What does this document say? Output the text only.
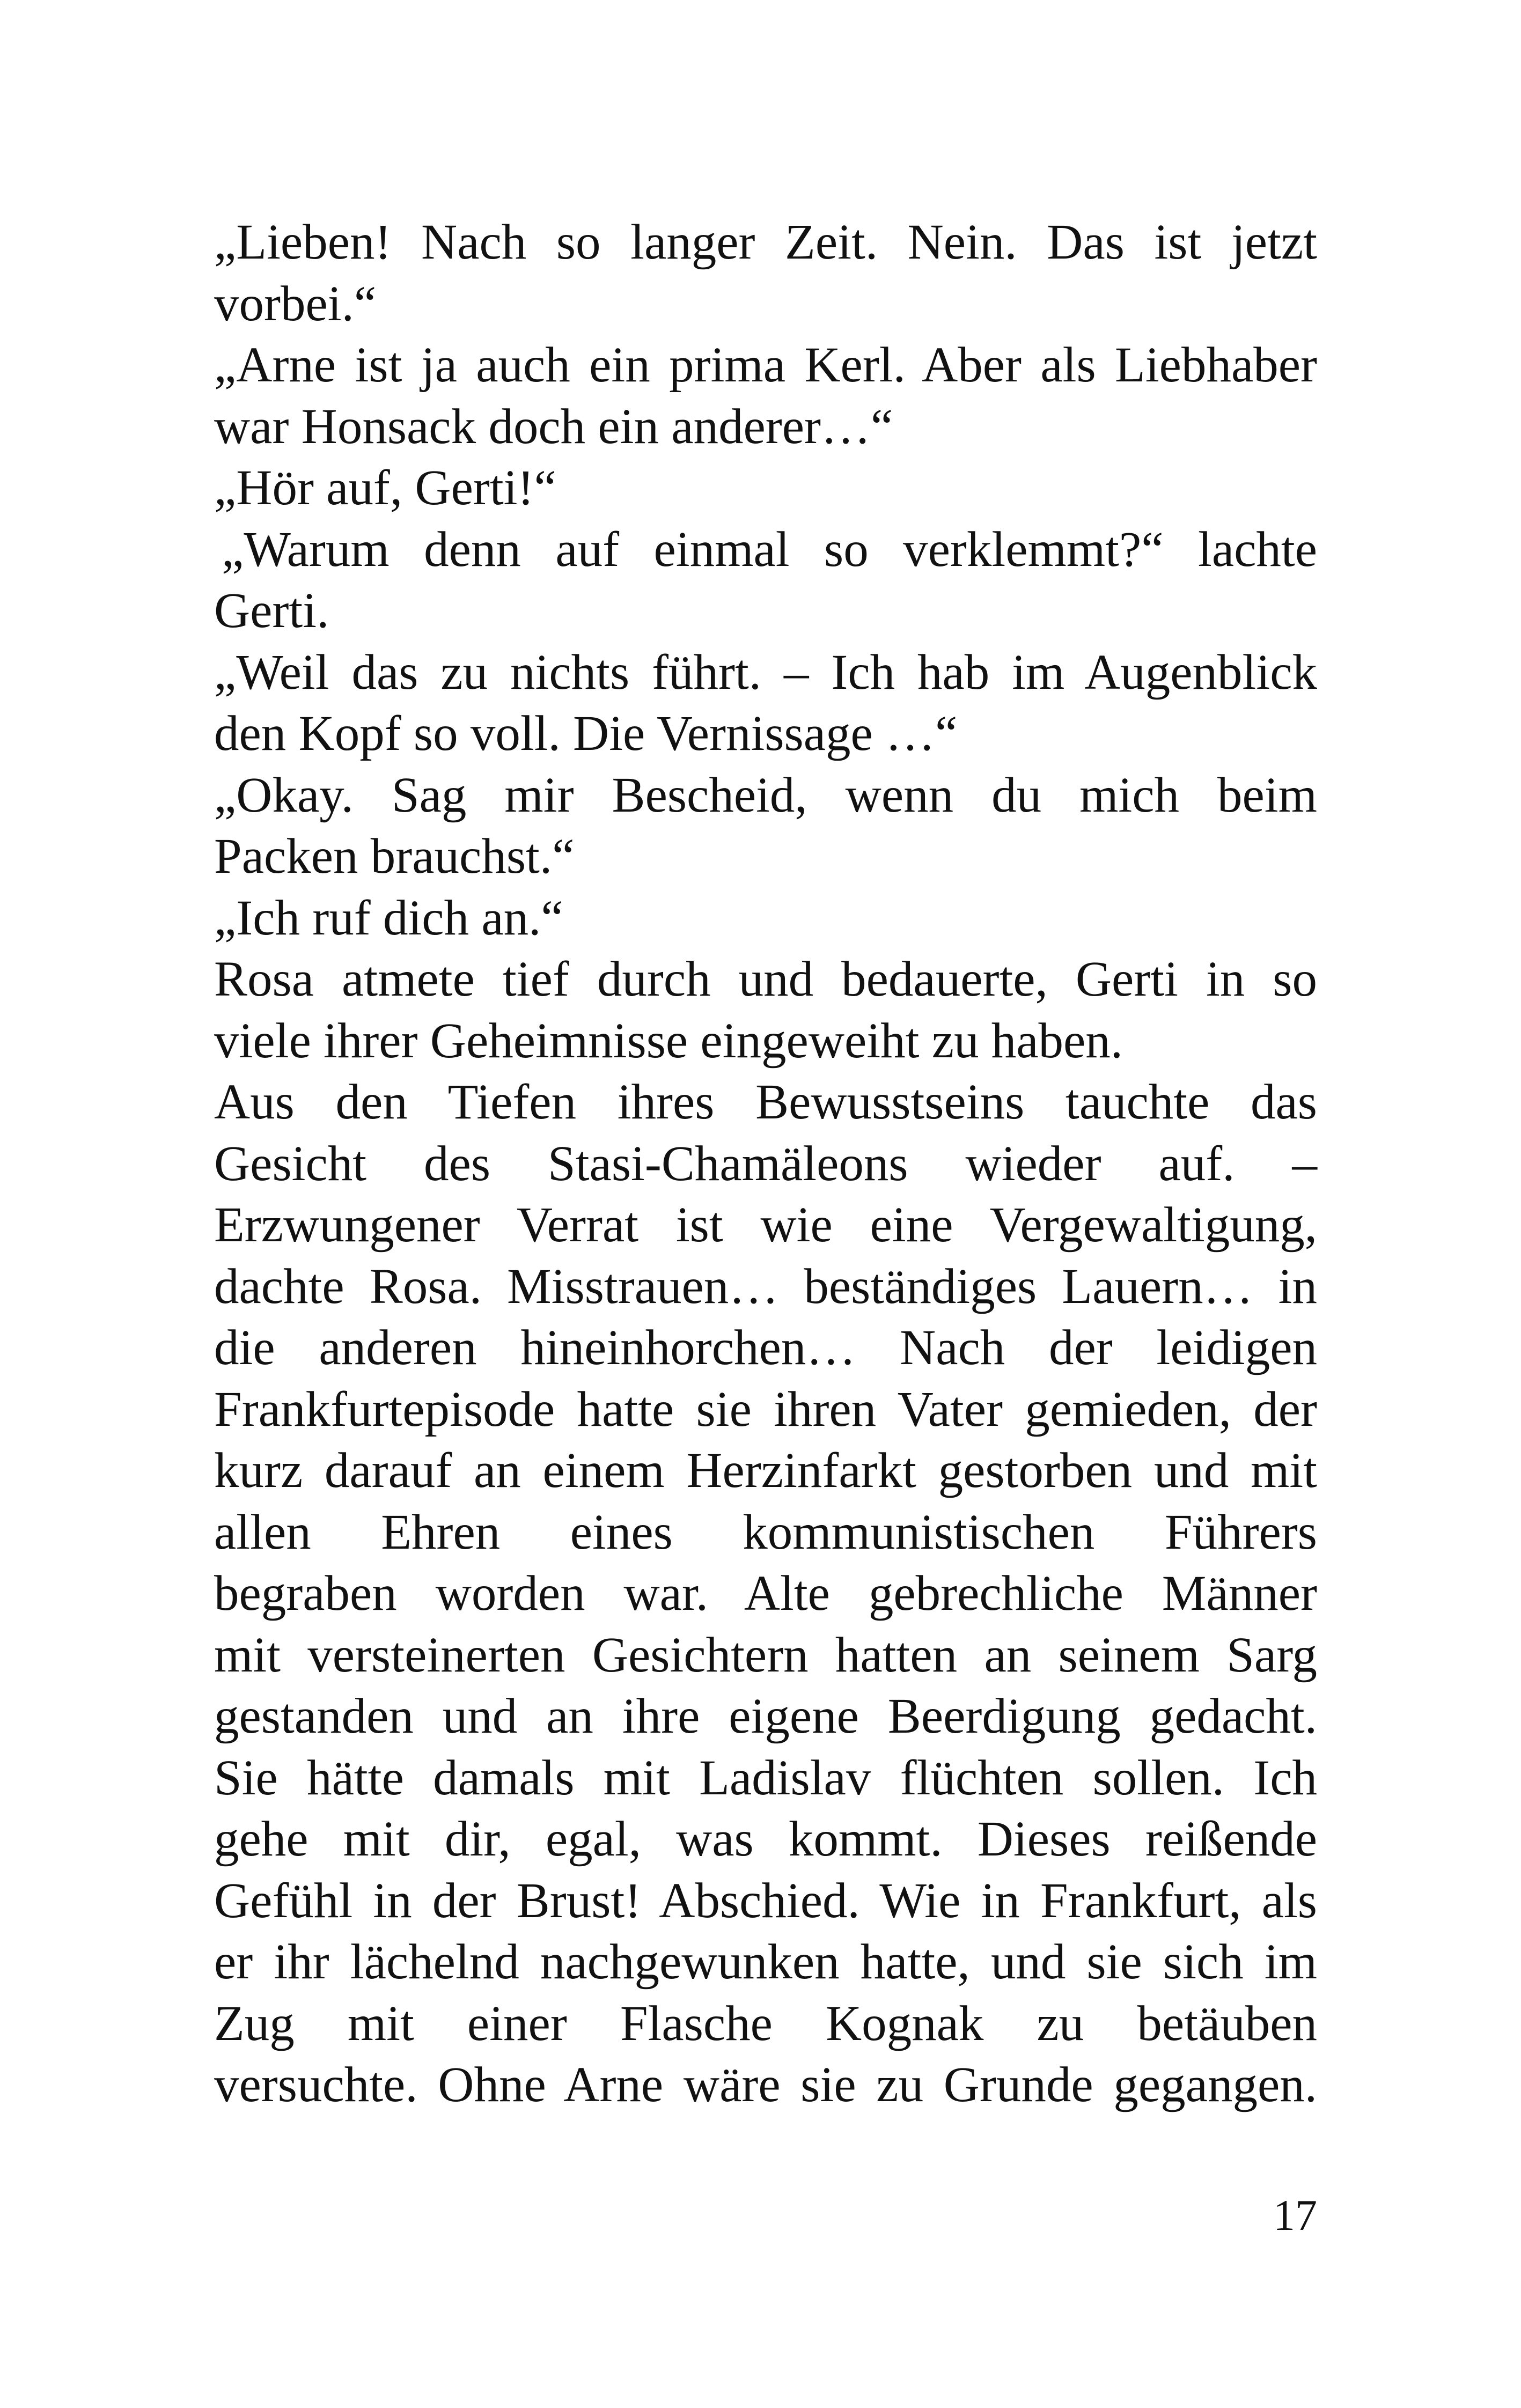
„Lieben! Nach so langer Zeit. Nein. Das ist jetzt
vorbei.“
„Arne ist ja auch ein prima Kerl. Aber als Liebhaber
war Honsack doch ein anderer…“
„Hör auf, Gerti!“
„Warum denn auf einmal so verklemmt?“ lachte
Gerti.
„Weil das zu nichts führt. – Ich hab im Augenblick
den Kopf so voll. Die Vernissage …“
„Okay. Sag mir Bescheid, wenn du mich beim
Packen brauchst.“
„Ich ruf dich an.“
Rosa atmete tief durch und bedauerte, Gerti in so
viele ihrer Geheimnisse eingeweiht zu haben.
Aus den Tiefen ihres Bewusstseins tauchte das
Gesicht des Stasi-Chamäleons wieder auf. –
Erzwungener Verrat ist wie eine Vergewaltigung,
dachte Rosa. Misstrauen… beständiges Lauern… in
die anderen hineinhorchen… Nach der leidigen
Frankfurtepisode hatte sie ihren Vater gemieden, der
kurz darauf an einem Herzinfarkt gestorben und mit
allen Ehren eines kommunistischen Führers
begraben worden war. Alte gebrechliche Männer
mit versteinerten Gesichtern hatten an seinem Sarg
gestanden und an ihre eigene Beerdigung gedacht.
Sie hätte damals mit Ladislav flüchten sollen. Ich
gehe mit dir, egal, was kommt. Dieses reißende
Gefühl in der Brust! Abschied. Wie in Frankfurt, als
er ihr lächelnd nachgewunken hatte, und sie sich im
Zug mit einer Flasche Kognak zu betäuben
versuchte. Ohne Arne wäre sie zu Grunde gegangen.
17
